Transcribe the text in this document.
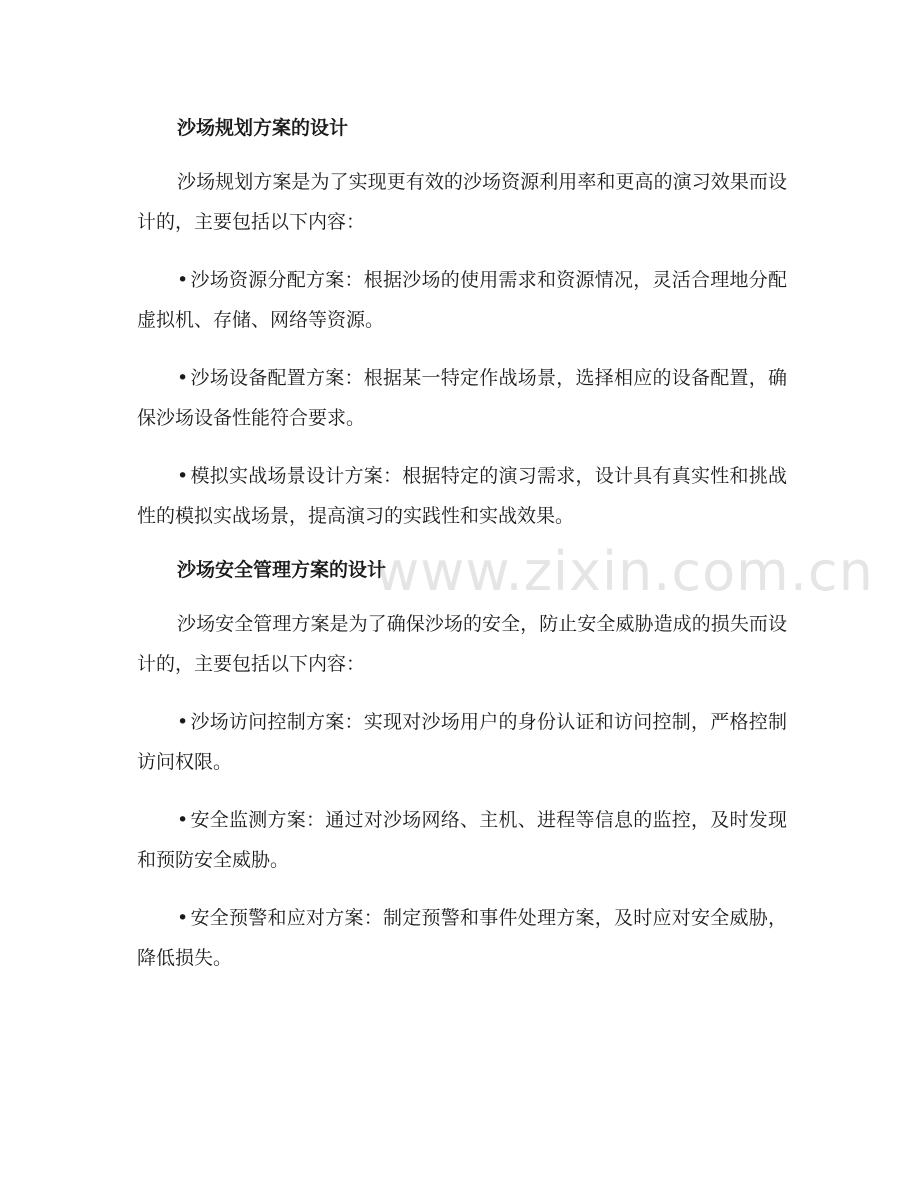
沙场规划方案的设计

沙场规划方案是为了实现更有效的沙场资源利用率和更高的演习效果而设计的，主要包括以下内容：

• 沙场资源分配方案：根据沙场的使用需求和资源情况，灵活合理地分配虚拟机、存储、网络等资源。

• 沙场设备配置方案：根据某一特定作战场景，选择相应的设备配置，确保沙场设备性能符合要求。

• 模拟实战场景设计方案：根据特定的演习需求，设计具有真实性和挑战性的模拟实战场景，提高演习的实践性和实战效果。

沙场安全管理方案的设计

沙场安全管理方案是为了确保沙场的安全，防止安全威胁造成的损失而设计的，主要包括以下内容：

• 沙场访问控制方案：实现对沙场用户的身份认证和访问控制，严格控制访问权限。

• 安全监测方案：通过对沙场网络、主机、进程等信息的监控，及时发现和预防安全威胁。

• 安全预警和应对方案：制定预警和事件处理方案，及时应对安全威胁，降低损失。

www.zixin.com.cn
